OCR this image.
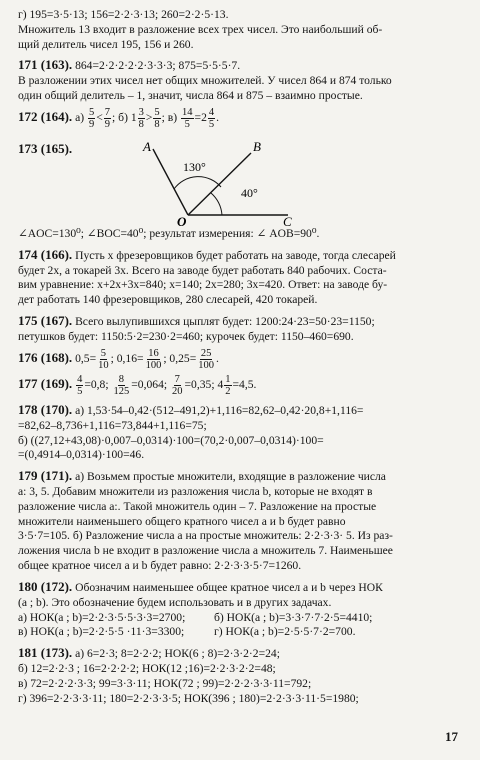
г) 195=3·5·13; 156=2·2·3·13; 260=2·2·5·13.

Множитель 13 входит в разложение всех трех чисел. Это наибольший об-

щий делитель чисел 195, 156 и 260.

171 (163). 864=2·2·2·2·2·3·3·3; 875=5·5·5·7.

В разложении этих чисел нет общих множителей. У чисел 864 и 874 только

один общий делитель – 1, значит, числа 864 и 875 – взаимно простые.

172 (164). $а) \frac{5}{9} < \frac{7}{9}$ ; б) $1 \frac{3}{8} > \frac{5}{8}$ ; $в) \frac{14}{5} =2 \frac{4}{5}$ .
173 (165).	A	B
O	C
130°
40°

∠AOC=130⁰; ∠BOC=40⁰; результат измерения: ∠ AOB=90⁰.

174 (166). Пусть x фрезеровщиков будет работать на заводе, тогда слесарей

будет 2x, а токарей 3x. Всего на заводе будет работать 840 рабочих. Соста-

вим уравнение: x+2x+3x=840; x=140; 2x=280; 3x=420. Ответ: на заводе бу-

дет работать 140 фрезеровщиков, 280 слесарей, 420 токарей.

175 (167). Всего вылупившихся цыплят будет: 1200:24·23=50·23=1150;

петушков будет: 1150:5·2=230·2=460; курочек будет: 1150–460=690.

176 (168). $0,5= \frac{5}{10}$ ; $0,16= \frac{16}{100}$ ; $0,25= \frac{25}{100}$ .
177 (169). $\frac{4}{5} =0,8$; $\frac{8}{125} =0,064$; $\frac{7}{20} =0,35$; $4 \frac{1}{2} =4,5$.

178 (170). а) 1,53·54–0,42·(512–491,2)+1,116=82,62–0,42·20,8+1,116=

=82,62–8,736+1,116=73,844+1,116=75;

б) ((27,12+43,08)·0,007–0,0314)·100=(70,2·0,007–0,0314)·100=

=(0,4914–0,0314)·100=46.

179 (171). а) Возьмем простые множители, входящие в разложение числа

a: 3, 5. Добавим множители из разложения числа b, которые не входят в

разложение числа a:. Такой множитель один – 7. Разложение на простые

множители наименьшего общего кратного чисел a и b будет равно

3·5·7=105. б) Разложение числа a на простые множитель: 2·2·3·3· 5. Из раз-

ложения числа b не входит в разложение числа a множитель 7. Наименьшее

общее кратное чисел a и b будет равно: 2·2·3·3·5·7=1260.

180 (172). Обозначим наименьшее общее кратное чисел a и b через НОК

(a ; b). Это обозначение будем использовать и в других задачах.

а) НОК(a ; b)=2·2·3·5·5·3·3=2700;	б) НОК(a ; b)=3·3·7·7·2·5=4410;
в) НОК(a ; b)=2·2·5·5 ·11·3=3300;	г) НОК(a ; b)=2·5·5·7·2=700.

181 (173). а) 6=2·3; 8=2·2·2; НОК(6 ; 8)=2·3·2·2=24;

б) 12=2·2·3 ; 16=2·2·2·2; НОК(12 ;16)=2·2·3·2·2=48;

в) 72=2·2·2·3·3; 99=3·3·11; НОК(72 ; 99)=2·2·2·3·3·11=792;

г) 396=2·2·3·3·11; 180=2·2·3·3·5; НОК(396 ; 180)=2·2·3·3·11·5=1980;

17
